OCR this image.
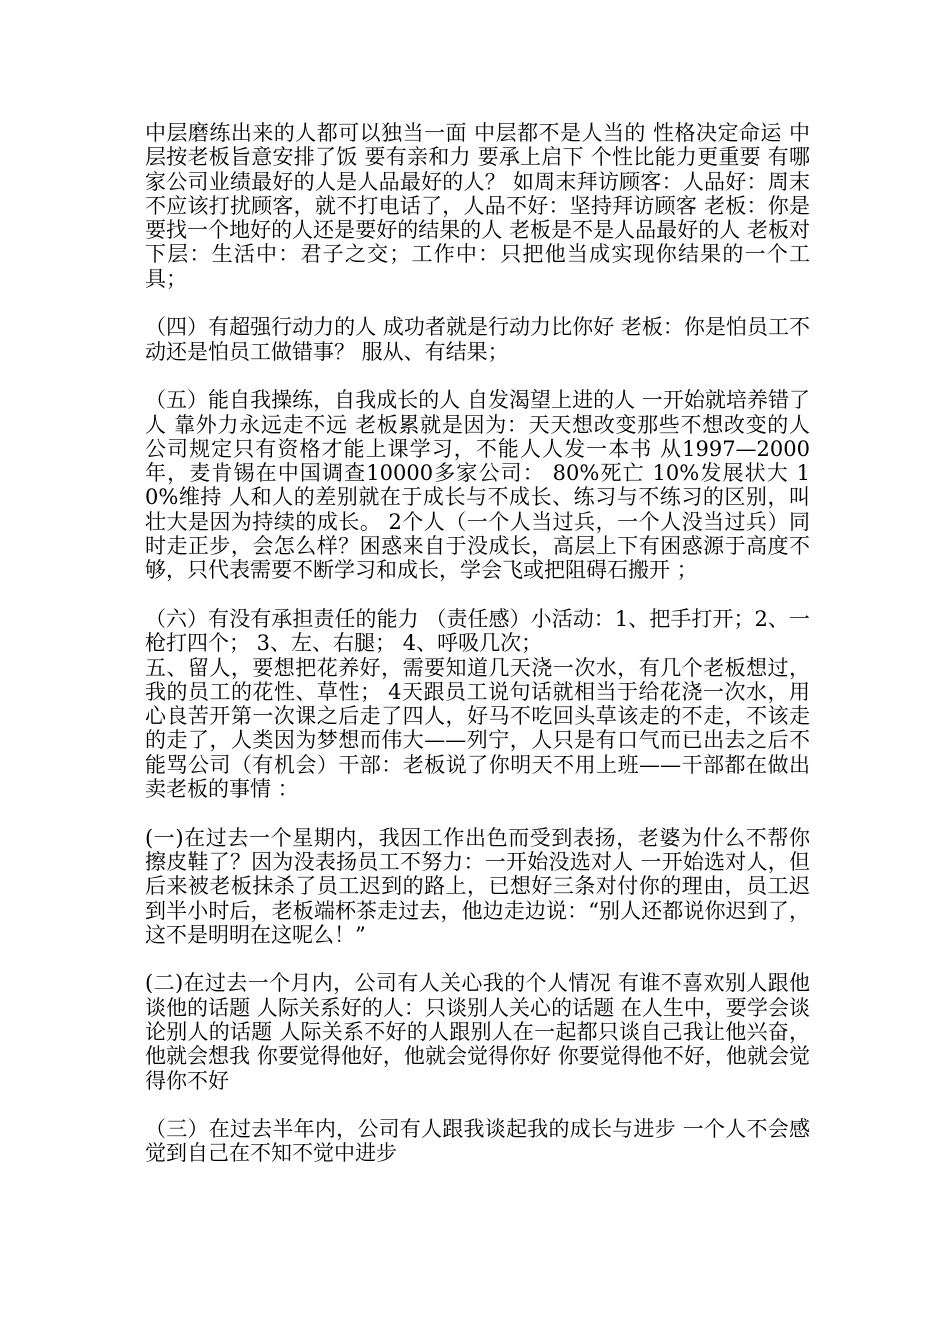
中层磨练出来的人都可以独当一面 中层都不是人当的 性格决定命运 中层按老板旨意安排了饭 要有亲和力 要承上启下 个性比能力更重要 有哪家公司业绩最好的人是人品最好的人？ 如周末拜访顾客：人品好：周末不应该打扰顾客，就不打电话了，人品不好：坚持拜访顾客 老板：你是要找一个地好的人还是要好的结果的人 老板是不是人品最好的人 老板对下层：生活中：君子之交；工作中：只把他当成实现你结果的一个工具；

（四）有超强行动力的人 成功者就是行动力比你好 老板：你是怕员工不动还是怕员工做错事？ 服从、有结果；

（五）能自我操练，自我成长的人 自发渴望上进的人 一开始就培养错了人 靠外力永远走不远 老板累就是因为：天天想改变那些不想改变的人 公司规定只有资格才能上课学习，不能人人发一本书 从1997—2000年，麦肯锡在中国调查10000多家公司： 80%死亡 10%发展状大 10%维持 人和人的差别就在于成长与不成长、练习与不练习的区别，叫壮大是因为持续的成长。 2个人（一个人当过兵，一个人没当过兵）同时走正步，会怎么样？困惑来自于没成长，高层上下有困惑源于高度不够，只代表需要不断学习和成长，学会飞或把阻碍石搬开 ；

（六）有没有承担责任的能力 （责任感）小活动：1、把手打开；2、一枪打四个； 3、左、右腿； 4、呼吸几次；

五、留人，要想把花养好，需要知道几天浇一次水，有几个老板想过，我的员工的花性、草性； 4天跟员工说句话就相当于给花浇一次水，用心良苦开第一次课之后走了四人，好马不吃回头草该走的不走，不该走的走了，人类因为梦想而伟大——列宁，人只是有口气而已出去之后不能骂公司（有机会）干部：老板说了你明天不用上班——干部都在做出卖老板的事情 ：

(一)在过去一个星期内，我因工作出色而受到表扬，老婆为什么不帮你擦皮鞋了？因为没表扬员工不努力：一开始没选对人 一开始选对人，但后来被老板抹杀了员工迟到的路上，已想好三条对付你的理由，员工迟到半小时后，老板端杯茶走过去，他边走边说：“别人还都说你迟到了，这不是明明在这呢么！”

(二)在过去一个月内，公司有人关心我的个人情况 有谁不喜欢别人跟他谈他的话题 人际关系好的人：只谈别人关心的话题 在人生中，要学会谈论别人的话题 人际关系不好的人跟别人在一起都只谈自己我让他兴奋，他就会想我 你要觉得他好，他就会觉得你好 你要觉得他不好，他就会觉得你不好

（三）在过去半年内，公司有人跟我谈起我的成长与进步 一个人不会感觉到自己在不知不觉中进步
